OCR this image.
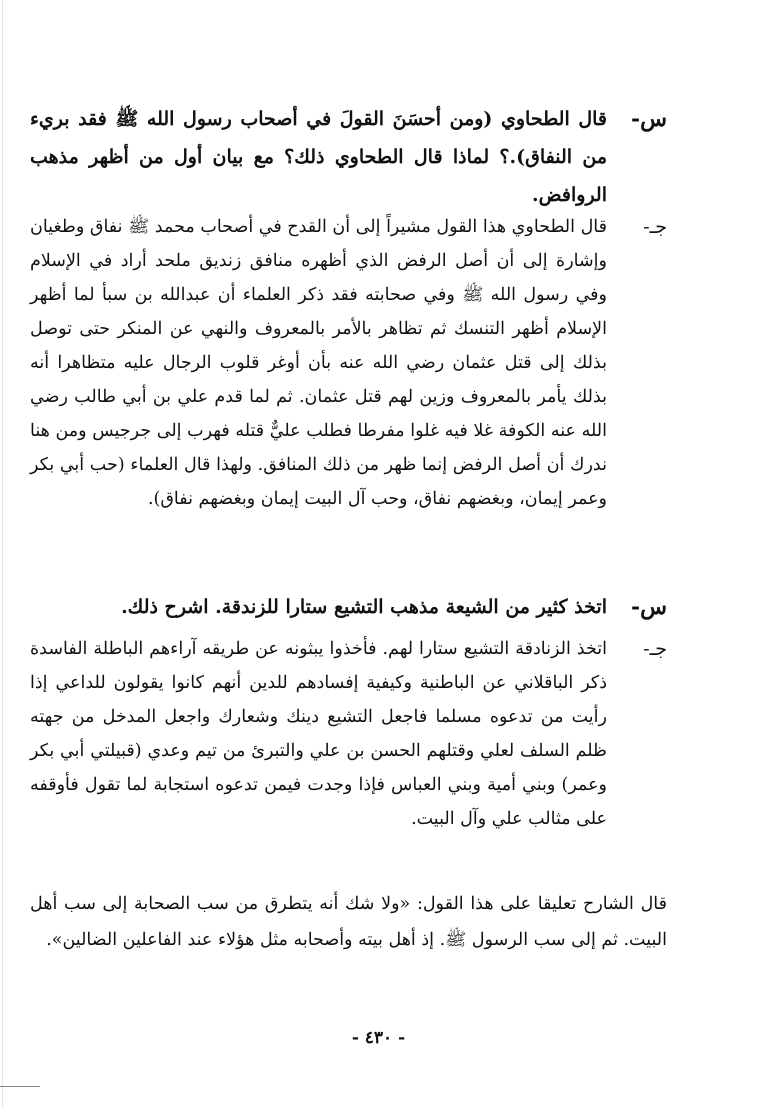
س-
قال الطحاوي (ومن أحسَنَ القولَ في أصحاب رسول الله ﷺ فقد بريء من النفاق).؟ لماذا قال الطحاوي ذلك؟ مع بيان أول من أظهر مذهب الروافض.
جـ-
قال الطحاوي هذا القول مشيراً إلى أن القدح في أصحاب محمد ﷺ نفاق وطغيان وإشارة إلى أن أصل الرفض الذي أظهره منافق زنديق ملحد أراد في الإسلام وفي رسول الله ﷺ وفي صحابته فقد ذكر العلماء أن عبدالله بن سبأ لما أظهر الإسلام أظهر التنسك ثم تظاهر بالأمر بالمعروف والنهي عن المنكر حتى توصل بذلك إلى قتل عثمان رضي الله عنه بأن أوغر قلوب الرجال عليه متظاهرا أنه بذلك يأمر بالمعروف وزين لهم قتل عثمان. ثم لما قدم علي بن أبي طالب رضي الله عنه الكوفة غلا فيه غلوا مفرطا فطلب عليٌّ قتله فهرب إلى جرجيس ومن هنا ندرك أن أصل الرفض إنما ظهر من ذلك المنافق. ولهذا قال العلماء (حب أبي بكر وعمر إيمان، وبغضهم نفاق، وحب آل البيت إيمان وبغضهم نفاق).
س-
اتخذ كثير من الشيعة مذهب التشيع ستارا للزندقة. اشرح ذلك.
جـ-
اتخذ الزنادقة التشيع ستارا لهم. فأخذوا يبثونه عن طريقه آراءهم الباطلة الفاسدة ذكر الباقلاني عن الباطنية وكيفية إفسادهم للدين أنهم كانوا يقولون للداعي إذا رأيت من تدعوه مسلما فاجعل التشيع دينك وشعارك واجعل المدخل من جهته ظلم السلف لعلي وقتلهم الحسن بن علي والتبرئ من تيم وعدي (قبيلتي أبي بكر وعمر) وبني أمية وبني العباس فإذا وجدت فيمن تدعوه استجابة لما تقول فأوقفه على مثالب علي وآل البيت.
قال الشارح تعليقا على هذا القول: «ولا شك أنه يتطرق من سب الصحابة إلى سب أهل البيت. ثم إلى سب الرسول ﷺ. إذ أهل بيته وأصحابه مثل هؤلاء عند الفاعلين الضالين».
- ٤٣٠ -
